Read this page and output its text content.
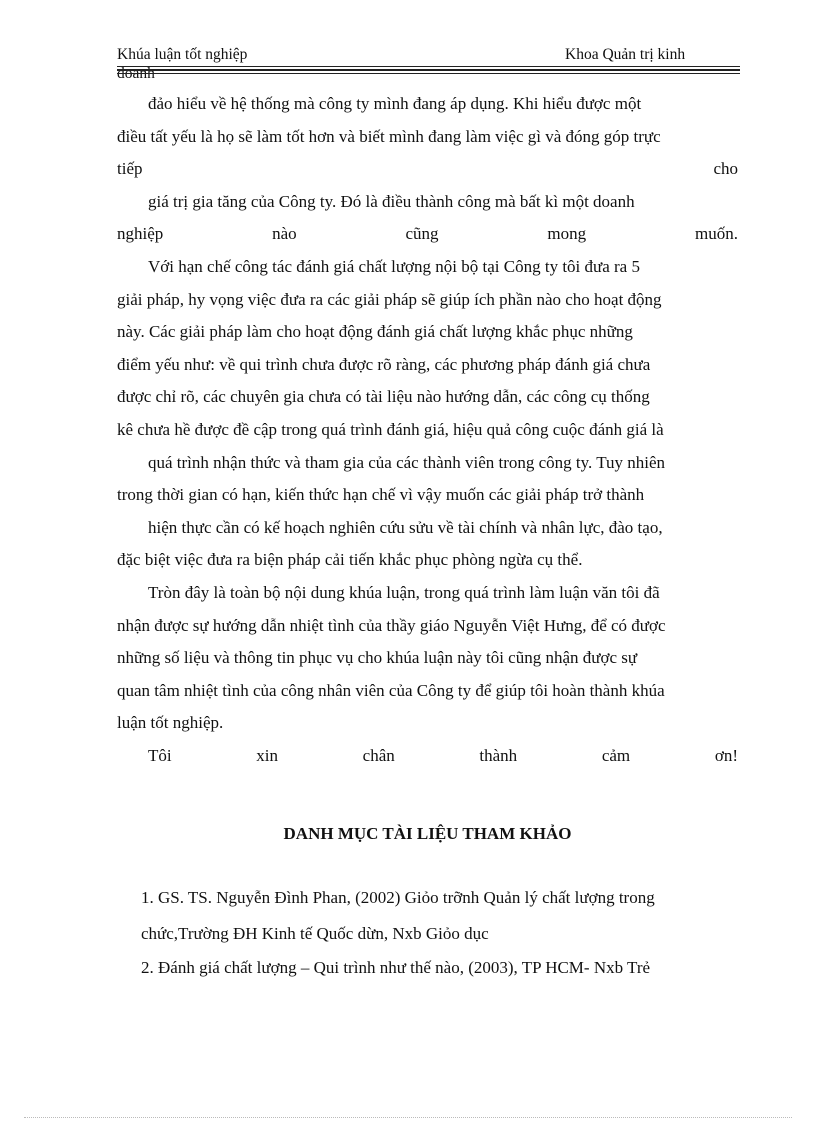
Khúa luận tốt nghiệp	Khoa Quản trị kinh
doanh
đảo hiểu về hệ thống mà công ty mình đang áp dụng. Khi hiểu được một
điều tất yếu là họ sẽ làm tốt hơn và biết mình đang làm việc gì và đóng góp trực
tiếp	cho
giá trị gia tăng của Công ty. Đó là điều thành công mà bất kì một doanh
nghiệp	nào	cũng	mong	muốn.
Với hạn chế công tác đánh giá chất lượng nội bộ tại Công ty tôi đưa ra 5
giải pháp, hy vọng việc đưa ra các giải pháp sẽ giúp ích phần nào cho hoạt động
này. Các giải pháp làm cho hoạt động đánh giá chất lượng khắc phục những
điểm yếu như: về qui trình chưa được rõ ràng, các phương pháp đánh giá chưa
được chỉ rõ, các chuyên gia chưa có tài liệu nào hướng dẫn, các công cụ thống
kê chưa hề được đề cập trong quá trình đánh giá, hiệu quả công cuộc đánh giá là
quá trình nhận thức và tham gia của các thành viên trong công ty. Tuy nhiên
trong thời gian có hạn, kiến thức hạn chế vì vậy muốn các giải pháp trở thành
hiện thực cần có kế hoạch nghiên cứu sửu về tài chính và nhân lực, đào tạo,
đặc biệt việc đưa ra biện pháp cải tiến khắc phục phòng ngừa cụ thể.
Tròn đây là toàn bộ nội dung khúa luận, trong quá trình làm luận văn tôi đã
nhận được sự hướng dẫn nhiệt tình của thầy giáo Nguyễn Việt Hưng, để có được
những số liệu và thông tin phục vụ cho khúa luận này tôi cũng nhận được sự
quan tâm nhiệt tình của công nhân viên của Công ty để giúp tôi hoàn thành khúa
luận tốt nghiệp.
Tôi	xin	chân	thành	cảm	ơn!
DANH MỤC TÀI LIỆU THAM KHẢO
1. GS. TS. Nguyễn Đình Phan, (2002) Giỏo trỡnh Quản lý chất lượng trong
chức,Trường ĐH Kinh tế Quốc dừn, Nxb Giỏo dục
2. Đánh giá chất lượng – Qui trình như thế nào, (2003), TP HCM- Nxb Trẻ
